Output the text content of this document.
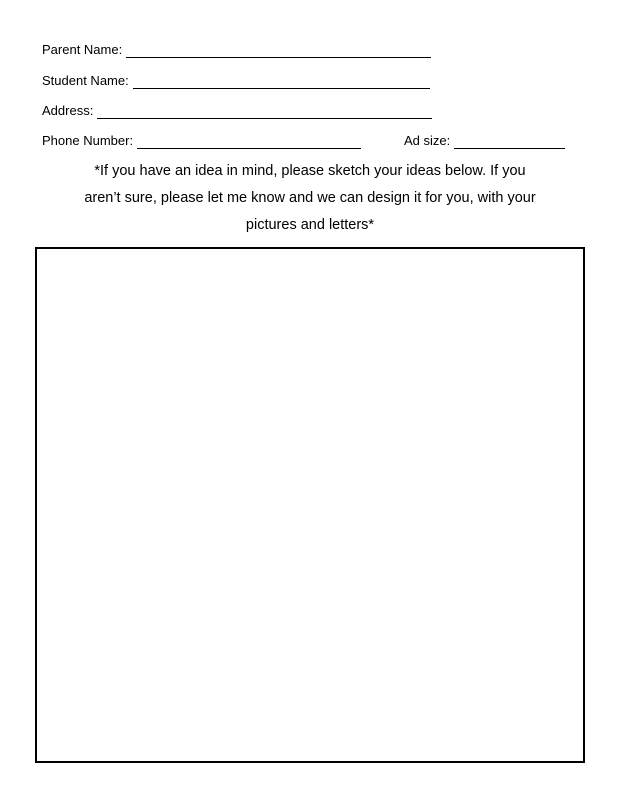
Parent Name:
Student Name:
Address:
Phone Number:	Ad size:
*If you have an idea in mind, please sketch your ideas below. If you
aren’t sure, please let me know and we can design it for you, with your
pictures and letters*
